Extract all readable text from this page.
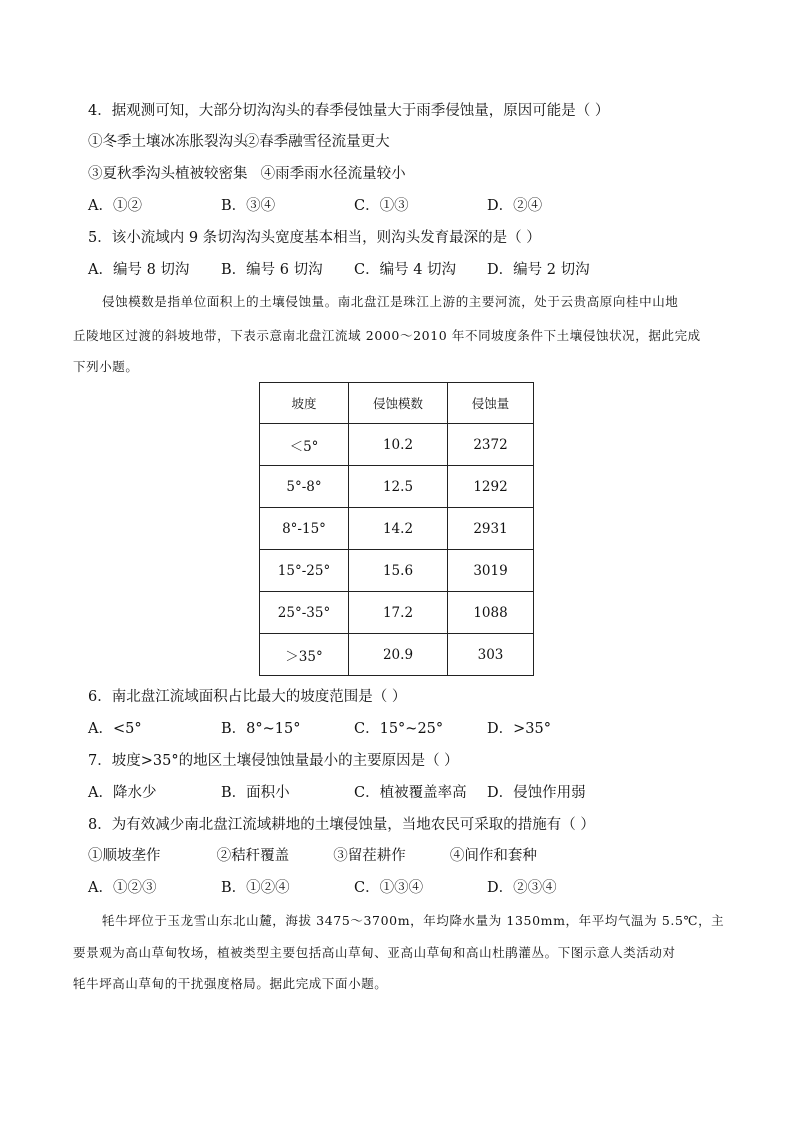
4．据观测可知，大部分切沟沟头的春季侵蚀量大于雨季侵蚀量，原因可能是（ ）
①冬季土壤冰冻胀裂沟头 ②春季融雪径流量更大
③夏秋季沟头植被较密集 ④雨季雨水径流量较小
A．①②	B．③④	C．①③	D．②④
5．该小流域内 9 条切沟沟头宽度基本相当，则沟头发育最深的是（ ）
A．编号 8 切沟	B．编号 6 切沟	C．编号 4 切沟	D．编号 2 切沟
侵蚀模数是指单位面积上的土壤侵蚀量。南北盘江是珠江上游的主要河流，处于云贵高原向桂中山地
丘陵地区过渡的斜坡地带，下表示意南北盘江流域 2000～2010 年不同坡度条件下土壤侵蚀状况，据此完成
下列小题。
坡度	侵蚀模数	侵蚀量
＜5°	10.2	2372
5°-8°	12.5	1292
8°-15°	14.2	2931
15°-25°	15.6	3019
25°-35°	17.2	1088
＞35°	20.9	303
6．南北盘江流域面积占比最大的坡度范围是（ ）
A．<5°	B．8°~15°	C．15°~25°	D．>35°
7．坡度>35°的地区土壤侵蚀蚀量最小的主要原因是（ ）
A．降水少	B．面积小	C．植被覆盖率高	D．侵蚀作用弱
8．为有效减少南北盘江流域耕地的土壤侵蚀量，当地农民可采取的措施有（ ）
①顺坡垄作	②秸秆覆盖	③留茬耕作	④间作和套种
A．①②③	B．①②④	C．①③④	D．②③④
牦牛坪位于玉龙雪山东北山麓，海拔 3475～3700m，年均降水量为 1350mm，年平均气温为 5.5℃，主
要景观为高山草甸牧场，植被类型主要包括高山草甸、亚高山草甸和高山杜鹃灌丛。下图示意人类活动对
牦牛坪高山草甸的干扰强度格局。据此完成下面小题。
